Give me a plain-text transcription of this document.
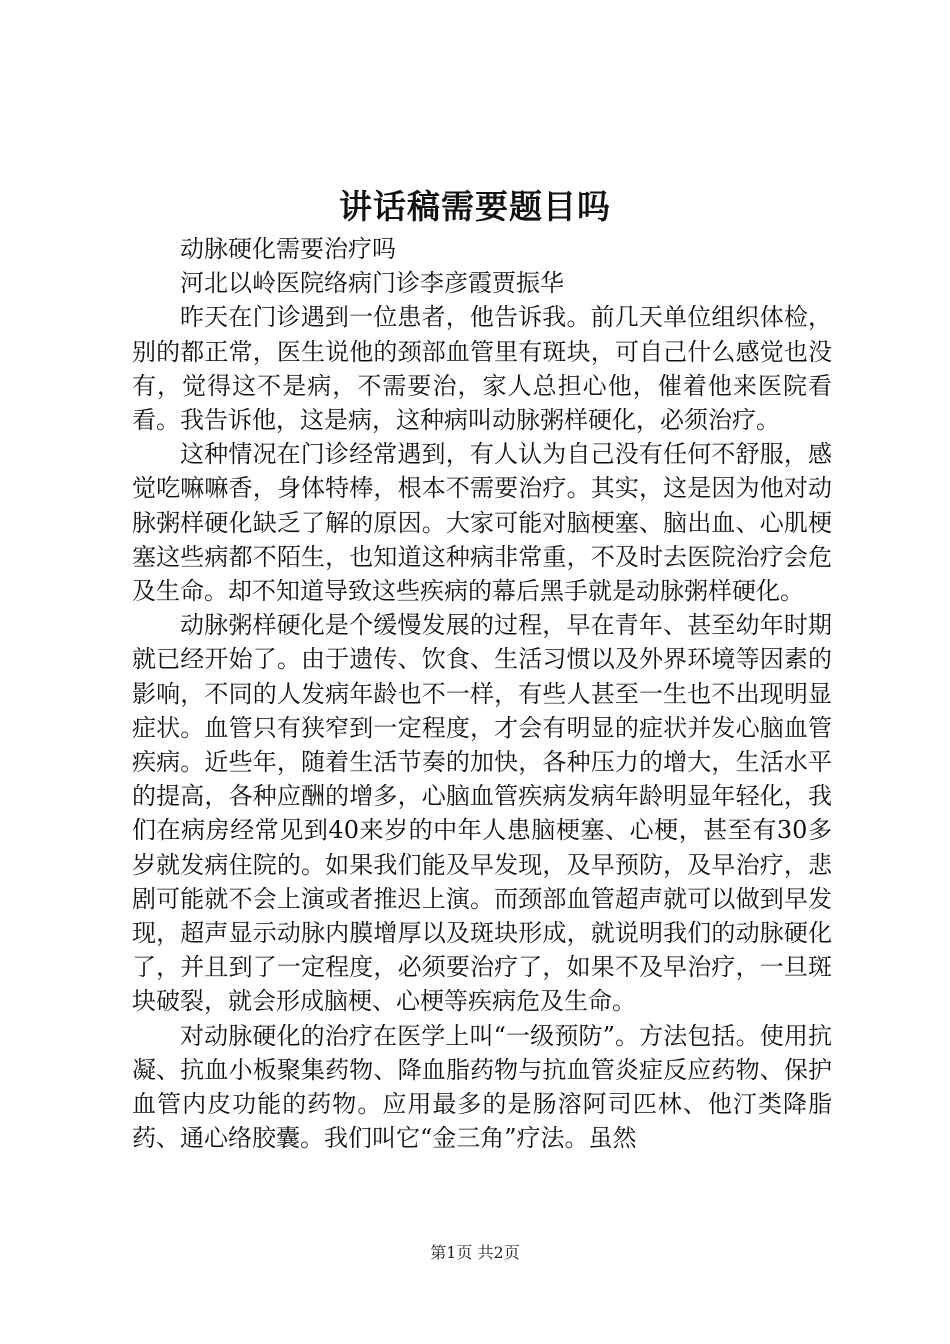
讲话稿需要题目吗

动脉硬化需要治疗吗

河北以岭医院络病门诊李彦霞贾振华

昨天在门诊遇到一位患者，他告诉我。前几天单位组织体检，别的都正常，医生说他的颈部血管里有斑块，可自己什么感觉也没有，觉得这不是病，不需要治，家人总担心他，催着他来医院看看。我告诉他，这是病，这种病叫动脉粥样硬化，必须治疗。

这种情况在门诊经常遇到，有人认为自己没有任何不舒服，感觉吃嘛嘛香，身体特棒，根本不需要治疗。其实，这是因为他对动脉粥样硬化缺乏了解的原因。大家可能对脑梗塞、脑出血、心肌梗塞这些病都不陌生，也知道这种病非常重，不及时去医院治疗会危及生命。却不知道导致这些疾病的幕后黑手就是动脉粥样硬化。

动脉粥样硬化是个缓慢发展的过程，早在青年、甚至幼年时期就已经开始了。由于遗传、饮食、生活习惯以及外界环境等因素的影响，不同的人发病年龄也不一样，有些人甚至一生也不出现明显症状。血管只有狭窄到一定程度，才会有明显的症状并发心脑血管疾病。近些年，随着生活节奏的加快，各种压力的增大，生活水平的提高，各种应酬的增多，心脑血管疾病发病年龄明显年轻化，我们在病房经常见到40来岁的中年人患脑梗塞、心梗，甚至有30多岁就发病住院的。如果我们能及早发现，及早预防，及早治疗，悲剧可能就不会上演或者推迟上演。而颈部血管超声就可以做到早发现，超声显示动脉内膜增厚以及斑块形成，就说明我们的动脉硬化了，并且到了一定程度，必须要治疗了，如果不及早治疗，一旦斑块破裂，就会形成脑梗、心梗等疾病危及生命。

对动脉硬化的治疗在医学上叫“一级预防”。方法包括。使用抗凝、抗血小板聚集药物、降血脂药物与抗血管炎症反应药物、保护血管内皮功能的药物。应用最多的是肠溶阿司匹林、他汀类降脂药、通心络胶囊。我们叫它“金三角”疗法。虽然

第1页 共2页
